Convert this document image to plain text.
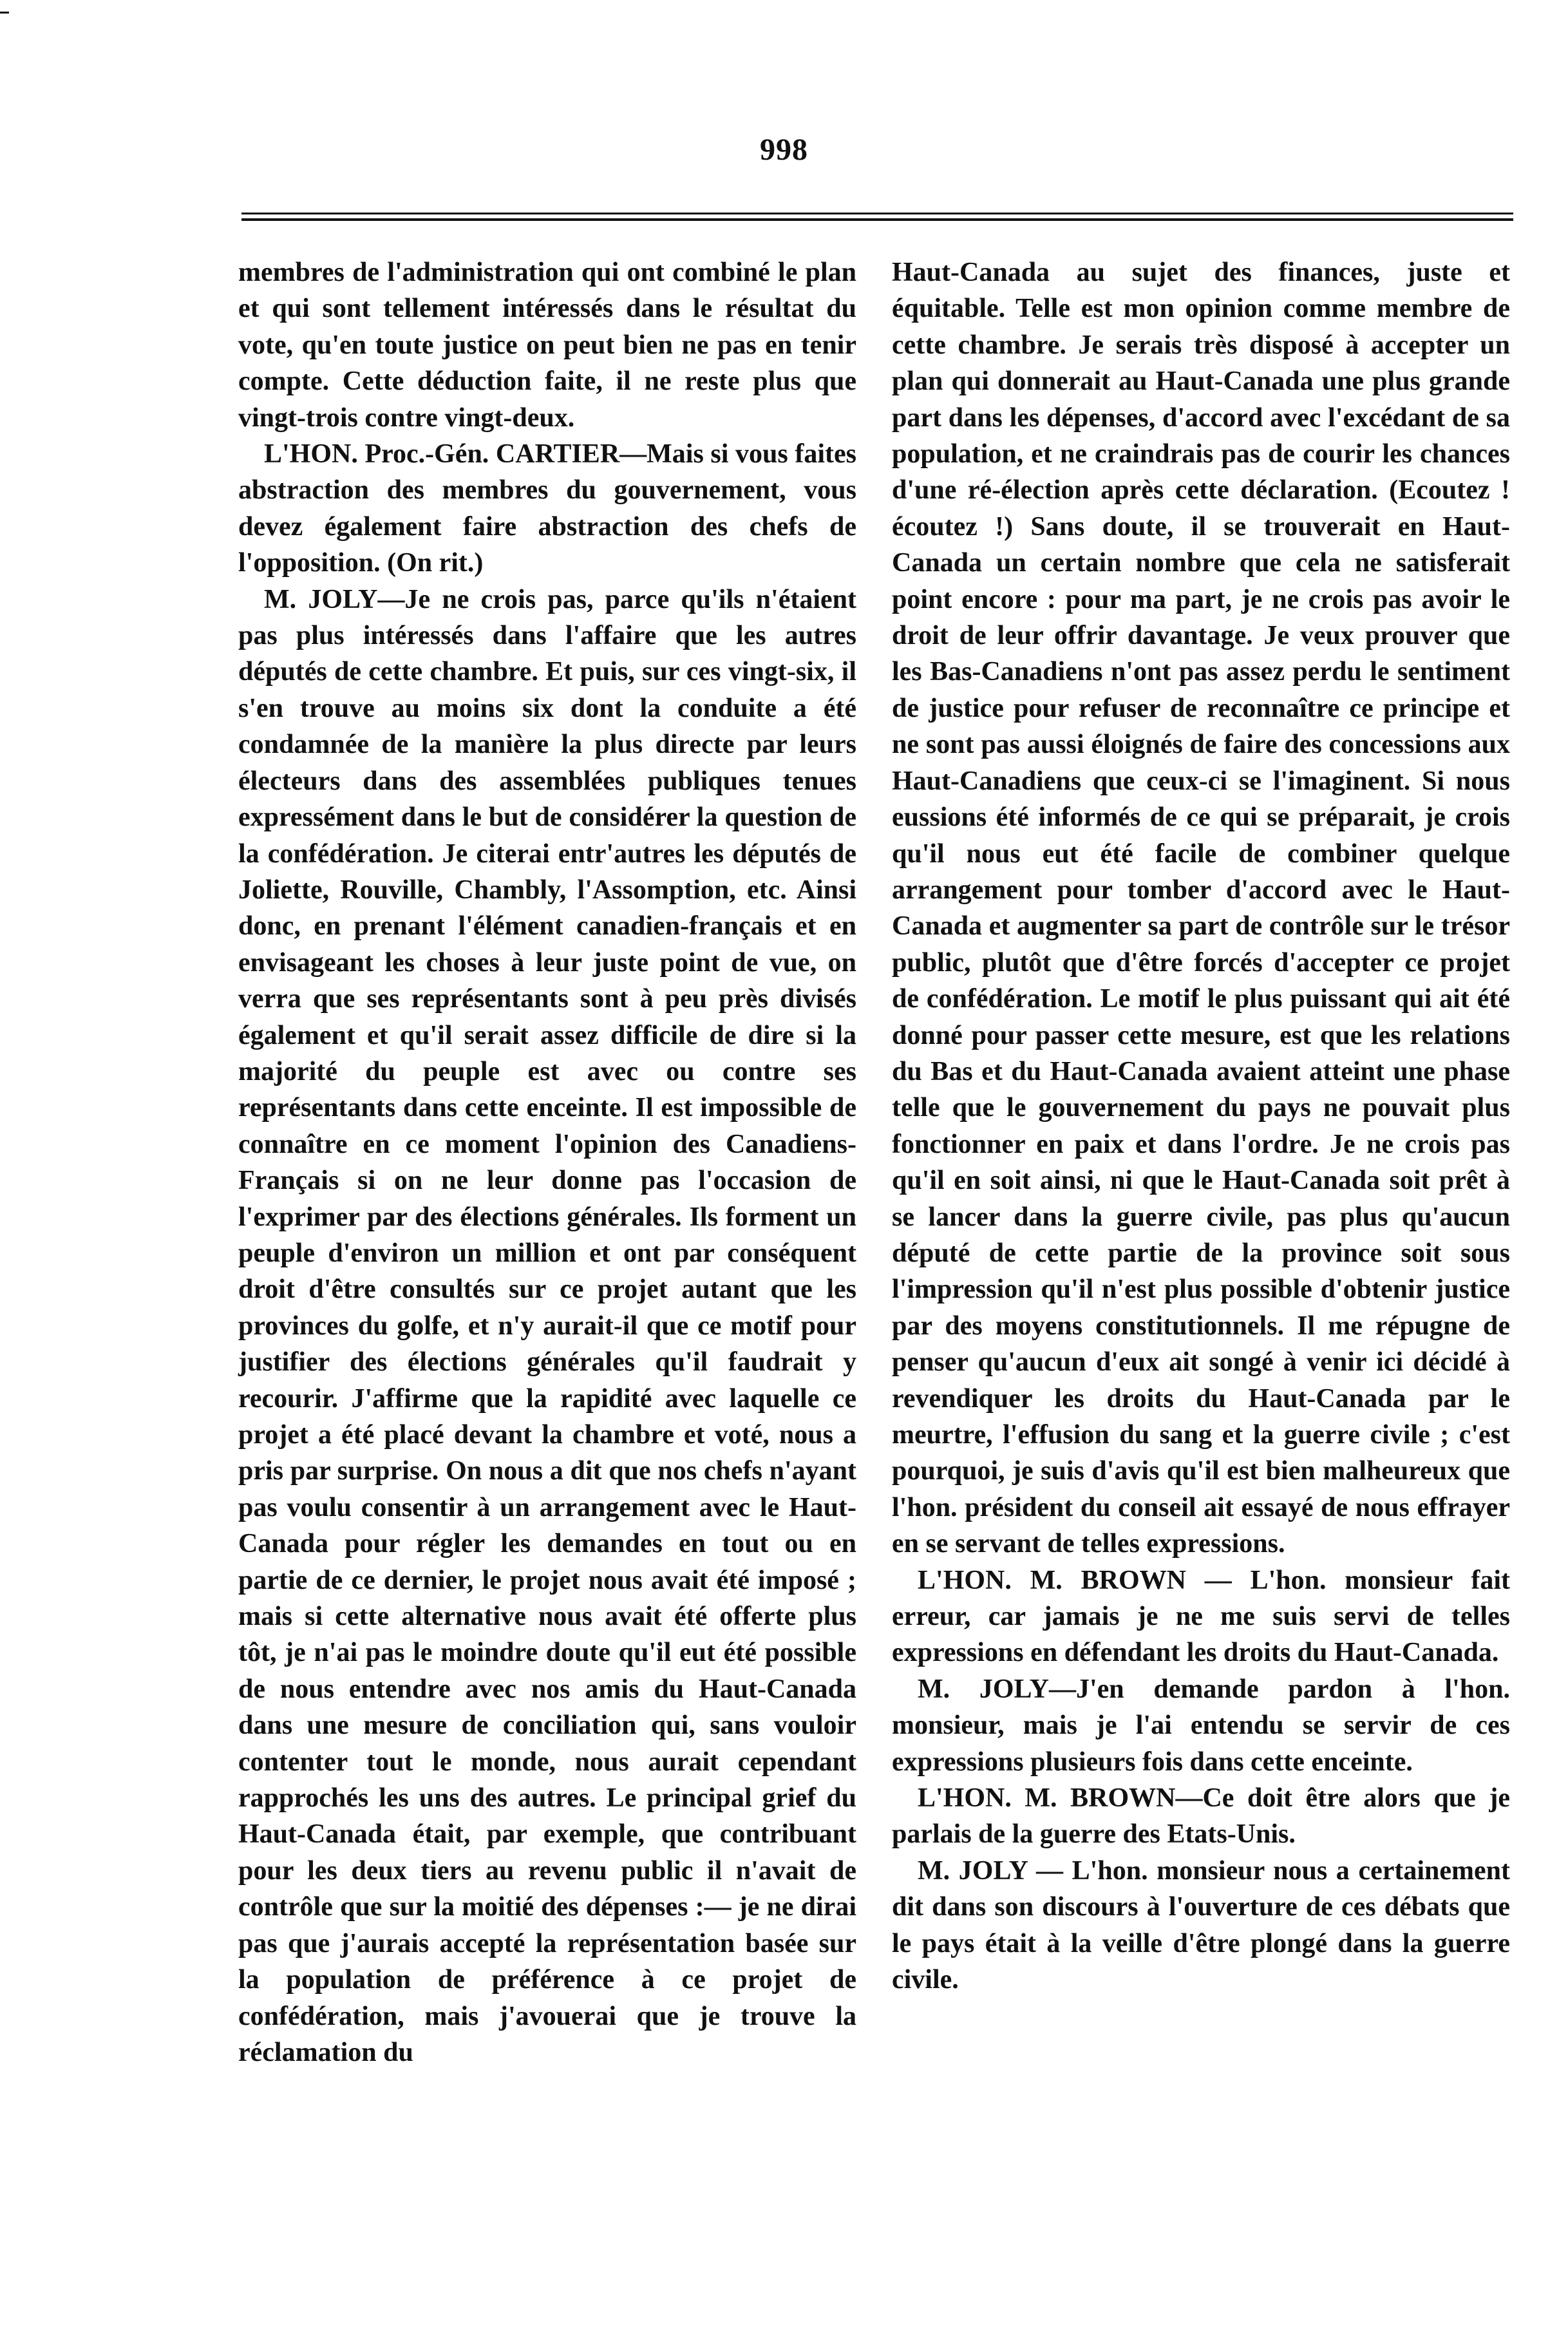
998

membres de l'administration qui ont combiné le plan et qui sont tellement intéressés dans le résultat du vote, qu'en toute justice on peut bien ne pas en tenir compte. Cette déduction faite, il ne reste plus que vingt-trois contre vingt-deux.

L'HON. Proc.-Gén. CARTIER—Mais si vous faites abstraction des membres du gouvernement, vous devez également faire abstraction des chefs de l'opposition. (On rit.)

M. JOLY—Je ne crois pas, parce qu'ils n'étaient pas plus intéressés dans l'affaire que les autres députés de cette chambre. Et puis, sur ces vingt-six, il s'en trouve au moins six dont la conduite a été condamnée de la manière la plus directe par leurs électeurs dans des assemblées publiques tenues expressément dans le but de considérer la question de la confédération. Je citerai entr'autres les députés de Joliette, Rouville, Chambly, l'Assomption, etc. Ainsi donc, en prenant l'élément canadien-français et en envisageant les choses à leur juste point de vue, on verra que ses représentants sont à peu près divisés également et qu'il serait assez difficile de dire si la majorité du peuple est avec ou contre ses représentants dans cette enceinte. Il est impossible de connaître en ce moment l'opinion des Canadiens-Français si on ne leur donne pas l'occasion de l'exprimer par des élections générales. Ils forment un peuple d'environ un million et ont par conséquent droit d'être consultés sur ce projet autant que les provinces du golfe, et n'y aurait-il que ce motif pour justifier des élections générales qu'il faudrait y recourir. J'affirme que la rapidité avec laquelle ce projet a été placé devant la chambre et voté, nous a pris par surprise. On nous a dit que nos chefs n'ayant pas voulu consentir à un arrangement avec le Haut-Canada pour régler les demandes en tout ou en partie de ce dernier, le projet nous avait été imposé ; mais si cette alternative nous avait été offerte plus tôt, je n'ai pas le moindre doute qu'il eut été possible de nous entendre avec nos amis du Haut-Canada dans une mesure de conciliation qui, sans vouloir contenter tout le monde, nous aurait cependant rapprochés les uns des autres. Le principal grief du Haut-Canada était, par exemple, que contribuant pour les deux tiers au revenu public il n'avait de contrôle que sur la moitié des dépenses :— je ne dirai pas que j'aurais accepté la représentation basée sur la population de préférence à ce projet de confédération, mais j'avouerai que je trouve la réclamation du

Haut-Canada au sujet des finances, juste et équitable. Telle est mon opinion comme membre de cette chambre. Je serais très disposé à accepter un plan qui donnerait au Haut-Canada une plus grande part dans les dépenses, d'accord avec l'excédant de sa population, et ne craindrais pas de courir les chances d'une ré-élection après cette déclaration. (Ecoutez ! écoutez !) Sans doute, il se trouverait en Haut-Canada un certain nombre que cela ne satisferait point encore : pour ma part, je ne crois pas avoir le droit de leur offrir davantage. Je veux prouver que les Bas-Canadiens n'ont pas assez perdu le sentiment de justice pour refuser de reconnaître ce principe et ne sont pas aussi éloignés de faire des concessions aux Haut-Canadiens que ceux-ci se l'imaginent. Si nous eussions été informés de ce qui se préparait, je crois qu'il nous eut été facile de combiner quelque arrangement pour tomber d'accord avec le Haut-Canada et augmenter sa part de contrôle sur le trésor public, plutôt que d'être forcés d'accepter ce projet de confédération. Le motif le plus puissant qui ait été donné pour passer cette mesure, est que les relations du Bas et du Haut-Canada avaient atteint une phase telle que le gouvernement du pays ne pouvait plus fonctionner en paix et dans l'ordre. Je ne crois pas qu'il en soit ainsi, ni que le Haut-Canada soit prêt à se lancer dans la guerre civile, pas plus qu'aucun député de cette partie de la province soit sous l'impression qu'il n'est plus possible d'obtenir justice par des moyens constitutionnels. Il me répugne de penser qu'aucun d'eux ait songé à venir ici décidé à revendiquer les droits du Haut-Canada par le meurtre, l'effusion du sang et la guerre civile ; c'est pourquoi, je suis d'avis qu'il est bien malheureux que l'hon. président du conseil ait essayé de nous effrayer en se servant de telles expressions.

L'HON. M. BROWN — L'hon. monsieur fait erreur, car jamais je ne me suis servi de telles expressions en défendant les droits du Haut-Canada.

M. JOLY—J'en demande pardon à l'hon. monsieur, mais je l'ai entendu se servir de ces expressions plusieurs fois dans cette enceinte.

L'HON. M. BROWN—Ce doit être alors que je parlais de la guerre des Etats-Unis.

M. JOLY — L'hon. monsieur nous a certainement dit dans son discours à l'ouverture de ces débats que le pays était à la veille d'être plongé dans la guerre civile.
